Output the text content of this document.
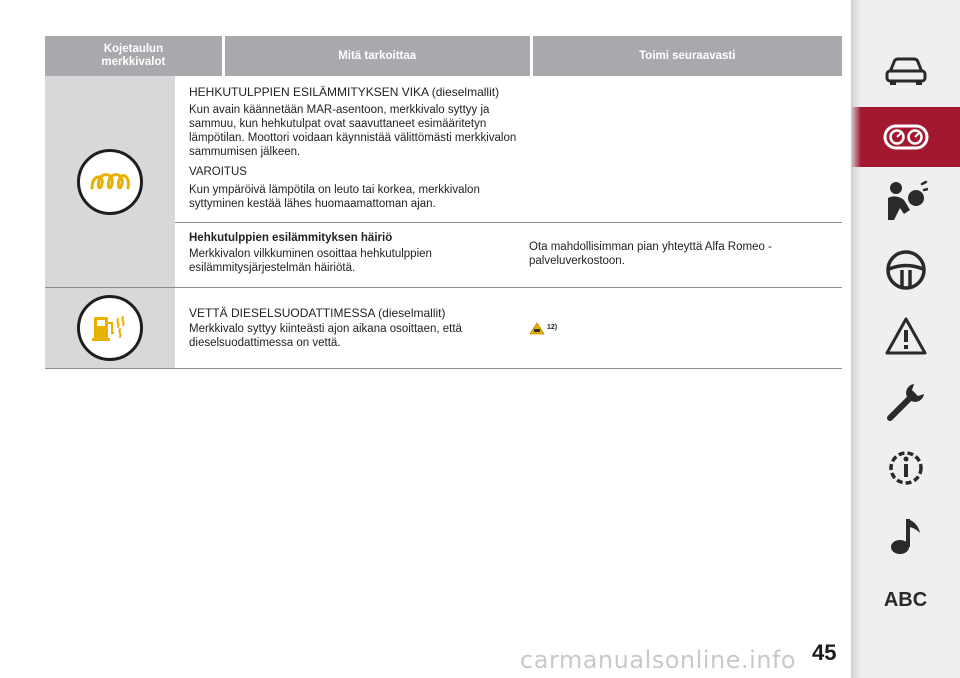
Kojetaulun merkkivalot
Mitä tarkoittaa	Toimi seuraavasti

HEHKUTULPPIEN ESILÄMMITYKSEN VIKA (dieselmallit)

Kun avain käännetään MAR-asentoon, merkkivalo syttyy ja sammuu, kun hehkutulpat ovat saavuttaneet esimääritetyn lämpötilan. Moottori voidaan käynnistää välittömästi merkkivalon sammumisen jälkeen.

VAROITUS

Kun ympäröivä lämpötila on leuto tai korkea, merkkivalon syttyminen kestää lähes huomaamattoman ajan.

Hehkutulppien esilämmityksen häiriö

Merkkivalon vilkkuminen osoittaa hehkutulppien esilämmitysjärjestelmän häiriötä.

Ota mahdollisimman pian yhteyttä Alfa Romeo -palveluverkostoon.

VETTÄ DIESELSUODATTIMESSA (dieselmallit)

Merkkivalo syttyy kiinteästi ajon aikana osoittaen, että dieselsuodattimessa on vettä.

12)
ABC
carmanualsonline.info 45
